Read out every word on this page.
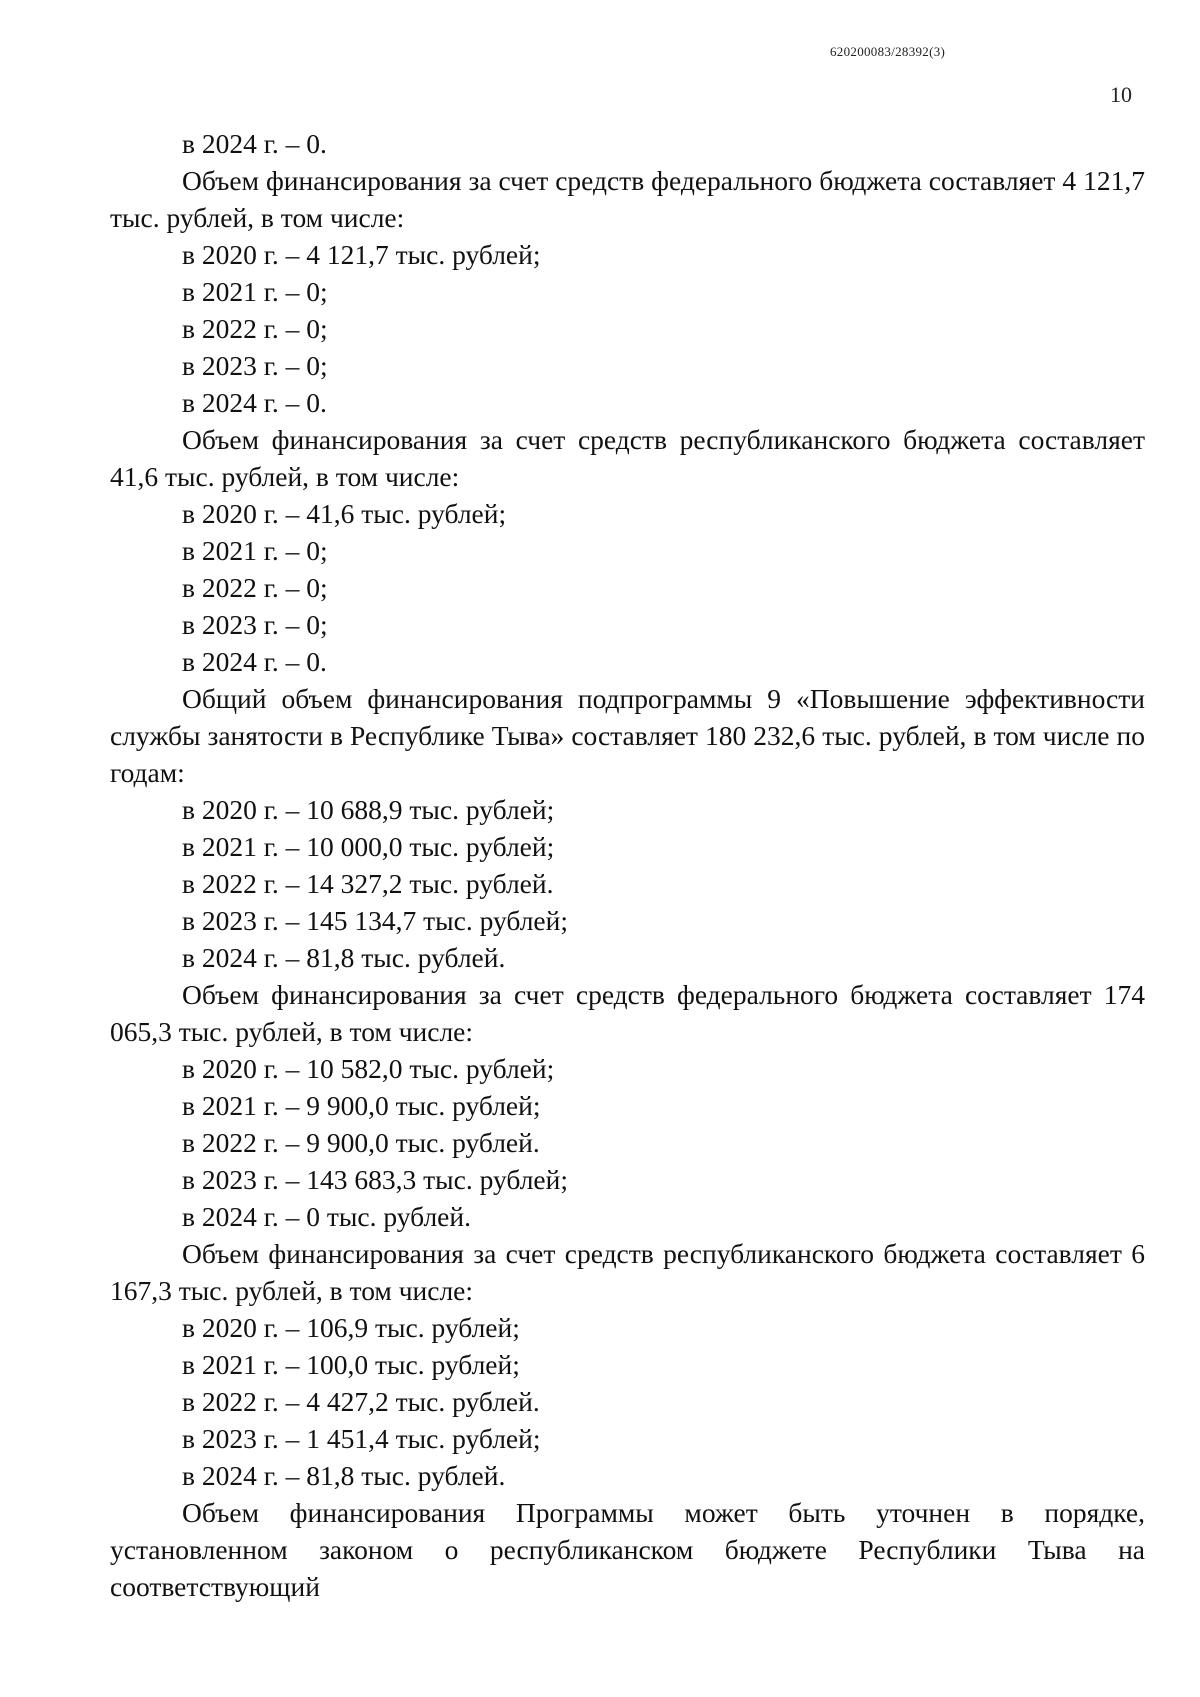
620200083/28392(3)
10

в 2024 г. – 0.

Объем финансирования за счет средств федерального бюджета составляет 4 121,7 тыс. рублей, в том числе:

в 2020 г. – 4 121,7 тыс. рублей;

в 2021 г. – 0;

в 2022 г. – 0;

в 2023 г. – 0;

в 2024 г. – 0.

Объем финансирования за счет средств республиканского бюджета составляет 41,6 тыс. рублей, в том числе:

в 2020 г. – 41,6 тыс. рублей;

в 2021 г. – 0;

в 2022 г. – 0;

в 2023 г. – 0;

в 2024 г. – 0.

Общий объем финансирования подпрограммы 9 «Повышение эффективности службы занятости в Республике Тыва» составляет 180 232,6 тыс. рублей, в том числе по годам:

в 2020 г. – 10 688,9 тыс. рублей;

в 2021 г. – 10 000,0 тыс. рублей;

в 2022 г. – 14 327,2 тыс. рублей.

в 2023 г. – 145 134,7 тыс. рублей;

в 2024 г. – 81,8 тыс. рублей.

Объем финансирования за счет средств федерального бюджета составляет 174 065,3 тыс. рублей, в том числе:

в 2020 г. – 10 582,0 тыс. рублей;

в 2021 г. – 9 900,0 тыс. рублей;

в 2022 г. – 9 900,0 тыс. рублей.

в 2023 г. – 143 683,3 тыс. рублей;

в 2024 г. – 0 тыс. рублей.

Объем финансирования за счет средств республиканского бюджета составляет 6 167,3 тыс. рублей, в том числе:

в 2020 г. – 106,9 тыс. рублей;

в 2021 г. – 100,0 тыс. рублей;

в 2022 г. – 4 427,2 тыс. рублей.

в 2023 г. – 1 451,4 тыс. рублей;

в 2024 г. – 81,8 тыс. рублей.

Объем финансирования Программы может быть уточнен в порядке, установленном законом о республиканском бюджете Республики Тыва на соответствующий
